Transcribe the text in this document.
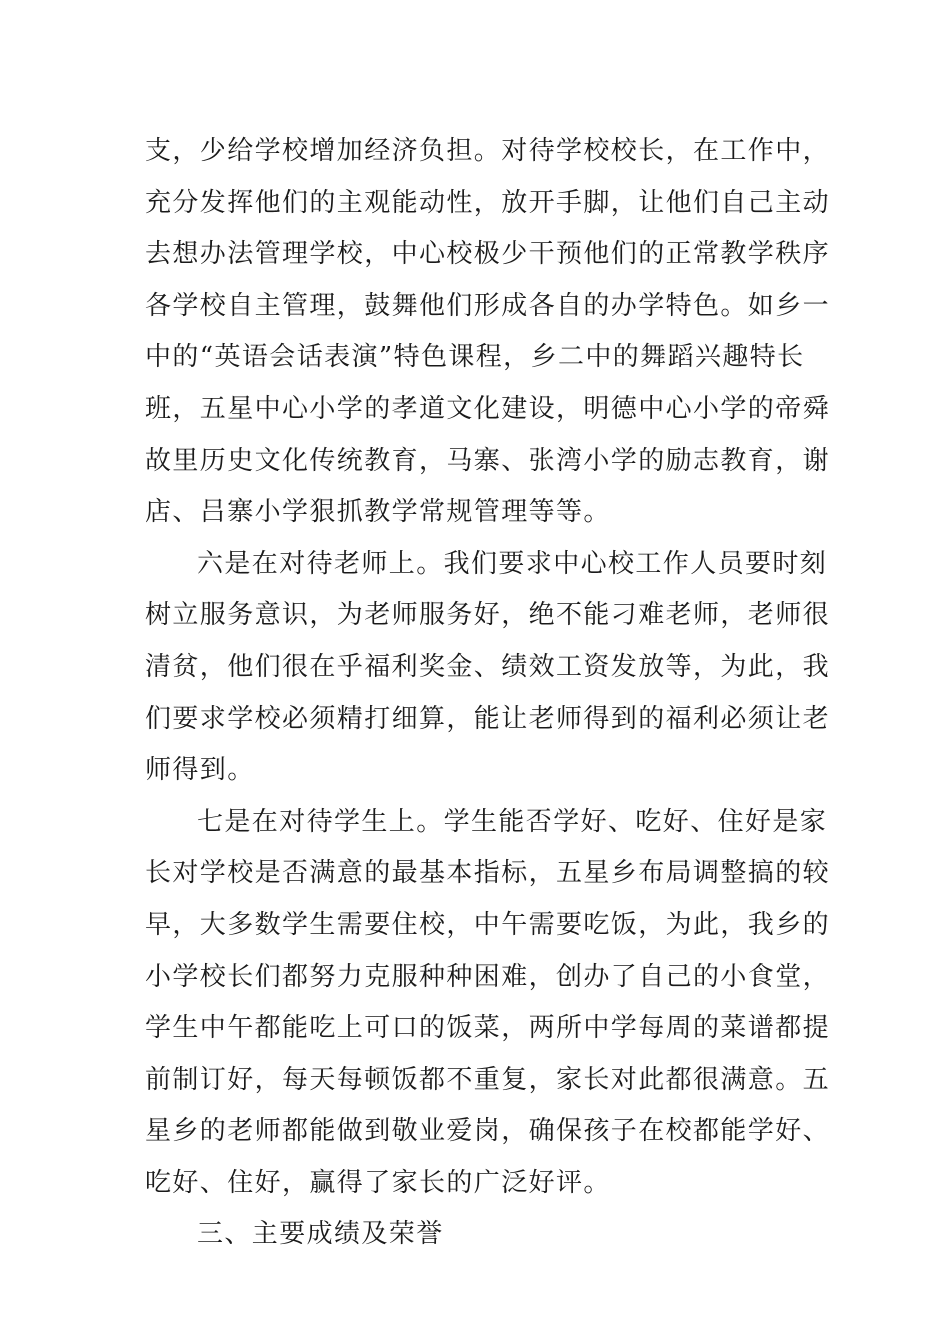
支，少给学校增加经济负担。对待学校校长，在工作中，
充分发挥他们的主观能动性，放开手脚，让他们自己主动
去想办法管理学校，中心校极少干预他们的正常教学秩序
各学校自主管理，鼓舞他们形成各自的办学特色。如乡一
中的“英语会话表演”特色课程，乡二中的舞蹈兴趣特长
班，五星中心小学的孝道文化建设，明德中心小学的帝舜
故里历史文化传统教育，马寨、张湾小学的励志教育，谢
店、吕寨小学狠抓教学常规管理等等。
六是在对待老师上。我们要求中心校工作人员要时刻
树立服务意识，为老师服务好，绝不能刁难老师，老师很
清贫，他们很在乎福利奖金、绩效工资发放等，为此，我
们要求学校必须精打细算，能让老师得到的福利必须让老
师得到。
七是在对待学生上。学生能否学好、吃好、住好是家
长对学校是否满意的最基本指标，五星乡布局调整搞的较
早，大多数学生需要住校，中午需要吃饭，为此，我乡的
小学校长们都努力克服种种困难，创办了自己的小食堂，
学生中午都能吃上可口的饭菜，两所中学每周的菜谱都提
前制订好，每天每顿饭都不重复，家长对此都很满意。五
星乡的老师都能做到敬业爱岗，确保孩子在校都能学好、
吃好、住好，赢得了家长的广泛好评。
三、主要成绩及荣誉
